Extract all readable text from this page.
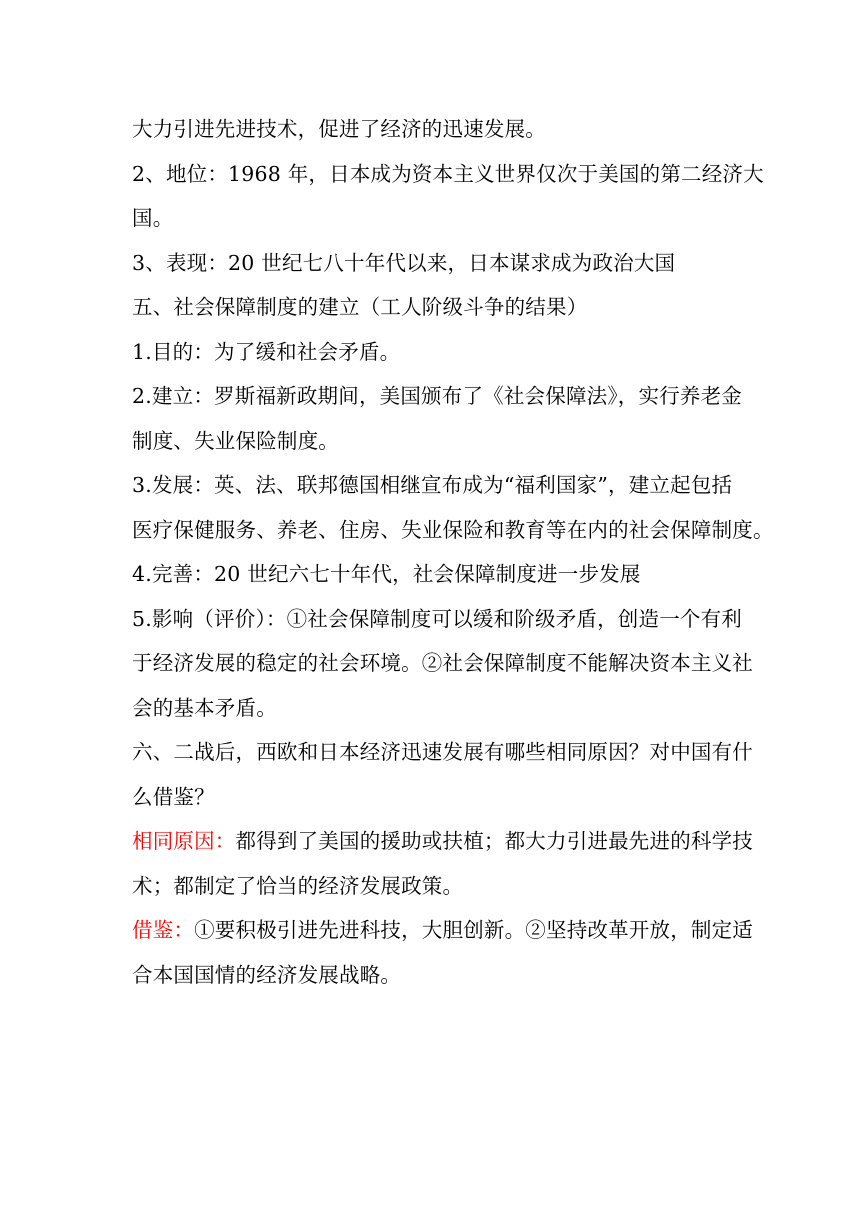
大力引进先进技术，促进了经济的迅速发展。
2、地位：1968 年，日本成为资本主义世界仅次于美国的第二经济大
国。
3、表现：20 世纪七八十年代以来，日本谋求成为政治大国
五、社会保障制度的建立（工人阶级斗争的结果）
1.目的：为了缓和社会矛盾。
2.建立：罗斯福新政期间，美国颁布了《社会保障法》，实行养老金
制度、失业保险制度。
3.发展：英、法、联邦德国相继宣布成为“福利国家”，建立起包括
医疗保健服务、养老、住房、失业保险和教育等在内的社会保障制度。
4.完善：20 世纪六七十年代，社会保障制度进一步发展
5.影响（评价）：①社会保障制度可以缓和阶级矛盾，创造一个有利
于经济发展的稳定的社会环境。②社会保障制度不能解决资本主义社
会的基本矛盾。
六、二战后，西欧和日本经济迅速发展有哪些相同原因？对中国有什
么借鉴？
相同原因：都得到了美国的援助或扶植；都大力引进最先进的科学技
术；都制定了恰当的经济发展政策。
借鉴：①要积极引进先进科技，大胆创新。②坚持改革开放，制定适
合本国国情的经济发展战略。
